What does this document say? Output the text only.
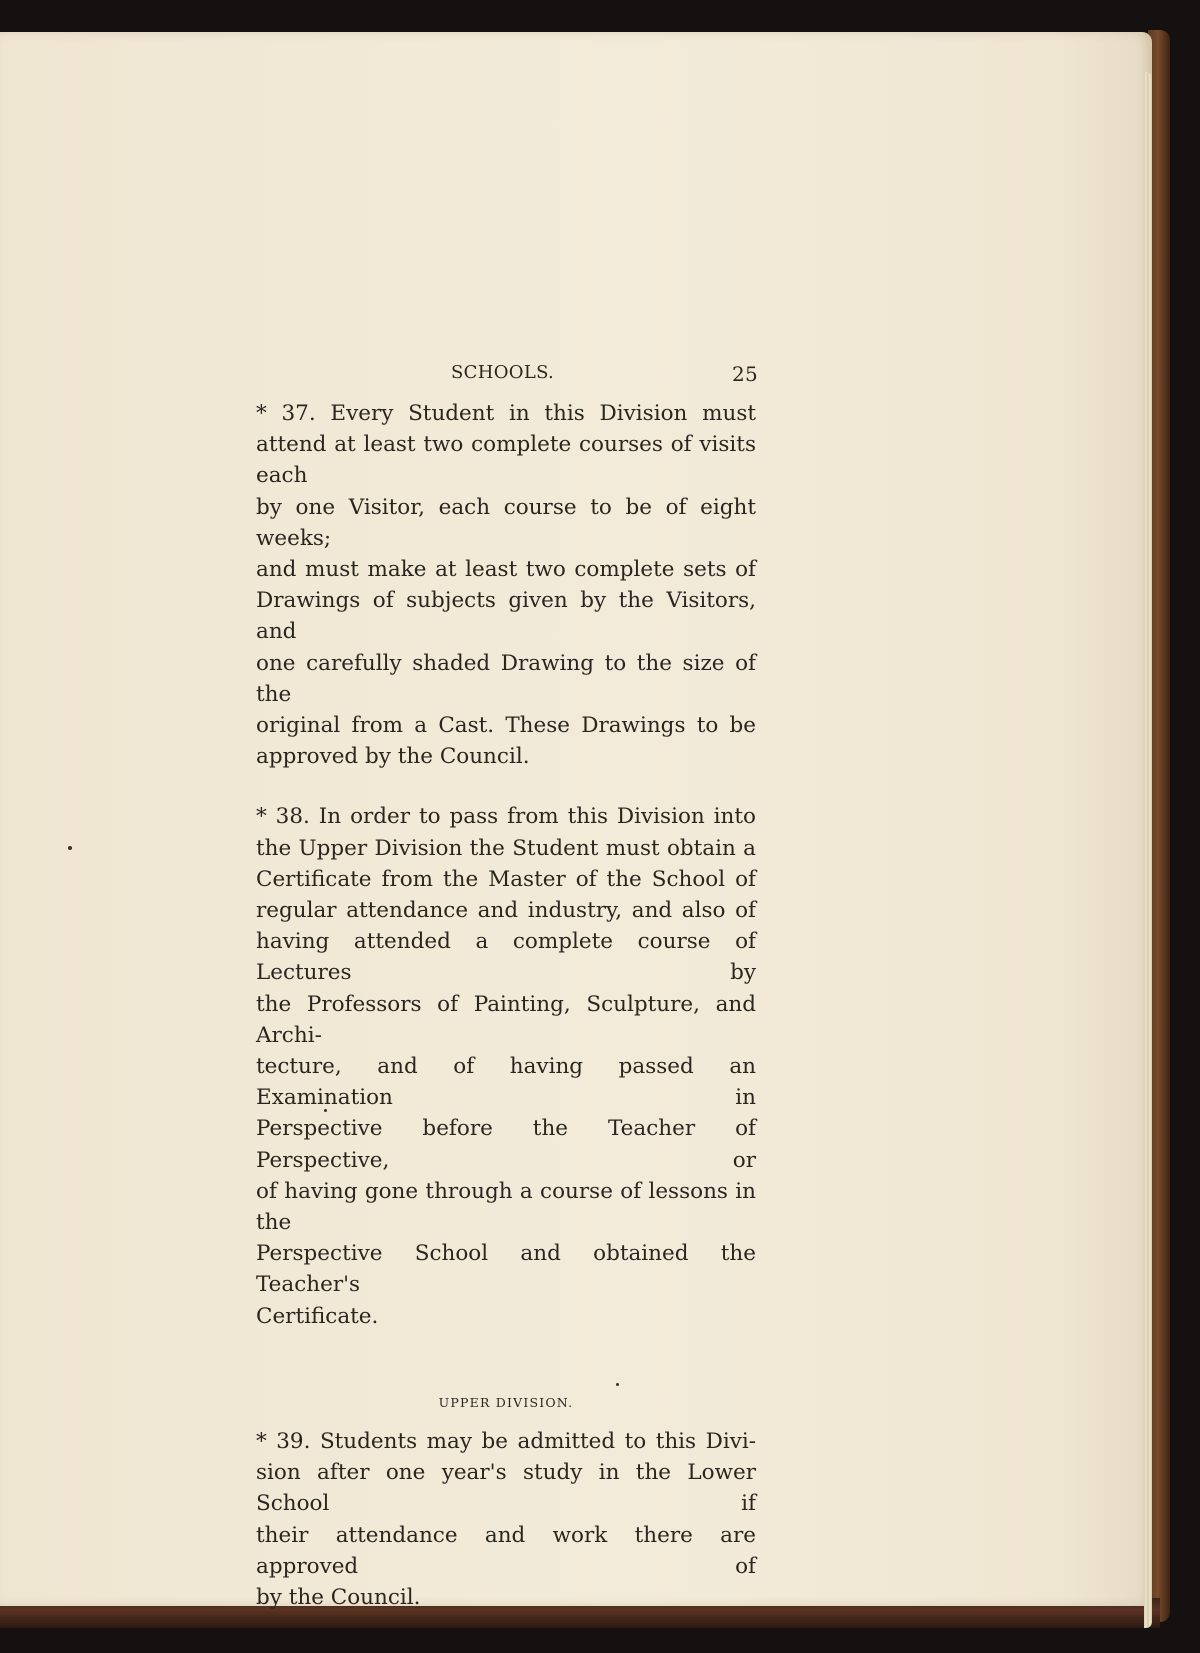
SCHOOLS.	25

* 37. Every Student in this Division must
attend at least two complete courses of visits each
by one Visitor, each course to be of eight weeks;
and must make at least two complete sets of
Drawings of subjects given by the Visitors, and
one carefully shaded Drawing to the size of the
original from a Cast. These Drawings to be
approved by the Council.

* 38. In order to pass from this Division into
the Upper Division the Student must obtain a
Certificate from the Master of the School of
regular attendance and industry, and also of
having attended a complete course of Lectures by
the Professors of Painting, Sculpture, and Archi-
tecture, and of having passed an Examination in
Perspective before the Teacher of Perspective, or
of having gone through a course of lessons in the
Perspective School and obtained the Teacher's
Certificate.

UPPER DIVISION.

* 39. Students may be admitted to this Divi-
sion after one year's study in the Lower School if
their attendance and work there are approved of
by the Council.
